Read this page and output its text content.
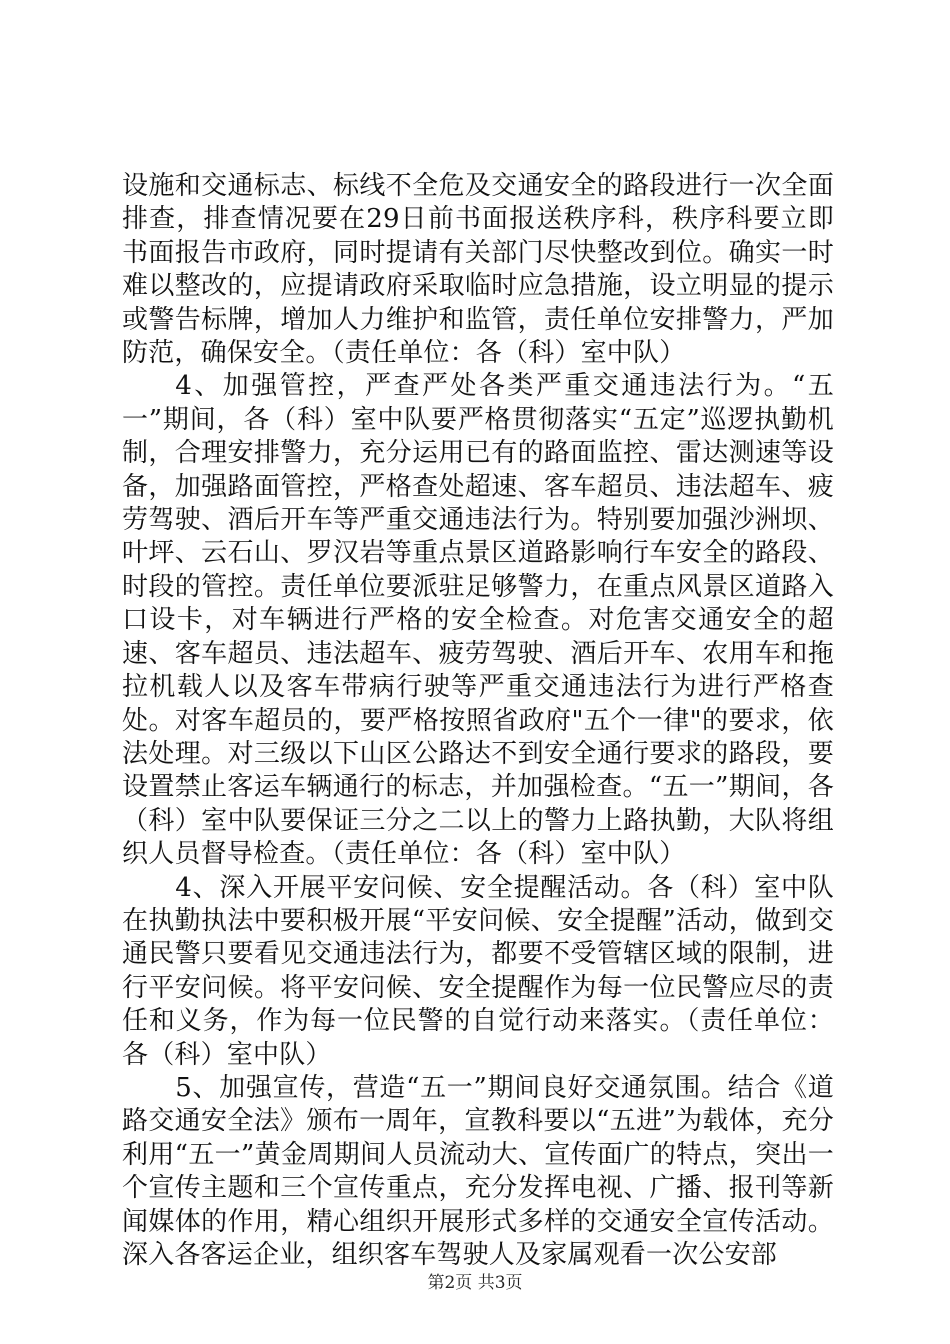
设施和交通标志、标线不全危及交通安全的路段进行一次全面排查，排查情况要在29日前书面报送秩序科，秩序科要立即书面报告市政府，同时提请有关部门尽快整改到位。确实一时难以整改的，应提请政府采取临时应急措施，设立明显的提示或警告标牌，增加人力维护和监管，责任单位安排警力，严加防范，确保安全。（责任单位：各（科）室中队）

4、加强管控，严查严处各类严重交通违法行为。“五一”期间，各（科）室中队要严格贯彻落实“五定”巡逻执勤机制，合理安排警力，充分运用已有的路面监控、雷达测速等设备，加强路面管控，严格查处超速、客车超员、违法超车、疲劳驾驶、酒后开车等严重交通违法行为。特别要加强沙洲坝、叶坪、云石山、罗汉岩等重点景区道路影响行车安全的路段、时段的管控。责任单位要派驻足够警力，在重点风景区道路入口设卡，对车辆进行严格的安全检查。对危害交通安全的超速、客车超员、违法超车、疲劳驾驶、酒后开车、农用车和拖拉机载人以及客车带病行驶等严重交通违法行为进行严格查处。对客车超员的，要严格按照省政府"五个一律"的要求，依法处理。对三级以下山区公路达不到安全通行要求的路段，要设置禁止客运车辆通行的标志，并加强检查。“五一”期间，各（科）室中队要保证三分之二以上的警力上路执勤，大队将组织人员督导检查。（责任单位：各（科）室中队）

4、深入开展平安问候、安全提醒活动。各（科）室中队在执勤执法中要积极开展“平安问候、安全提醒”活动，做到交通民警只要看见交通违法行为，都要不受管辖区域的限制，进行平安问候。将平安问候、安全提醒作为每一位民警应尽的责任和义务，作为每一位民警的自觉行动来落实。（责任单位：各（科）室中队）

5、加强宣传，营造“五一”期间良好交通氛围。结合《道路交通安全法》颁布一周年，宣教科要以“五进”为载体，充分利用“五一”黄金周期间人员流动大、宣传面广的特点，突出一个宣传主题和三个宣传重点，充分发挥电视、广播、报刊等新闻媒体的作用，精心组织开展形式多样的交通安全宣传活动。深入各客运企业，组织客车驾驶人及家属观看一次公安部

第2页 共3页
